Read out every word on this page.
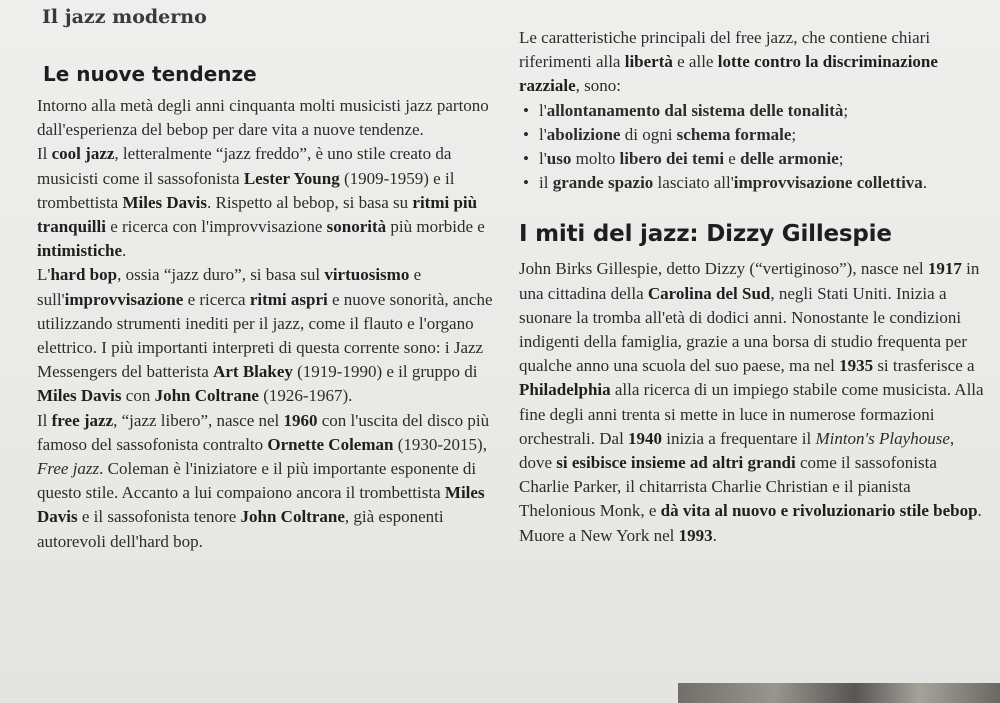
Il jazz moderno
Le nuove tendenze

Intorno alla metà degli anni cinquanta molti musicisti jazz partono dall'esperienza del bebop per dare vita a nuove tendenze.

Il cool jazz, letteralmente “jazz freddo”, è uno stile creato da musicisti come il sassofonista Lester Young (1909-1959) e il trombettista Miles Davis. Rispetto al bebop, si basa su ritmi più tranquilli e ricerca con l'improvvisazione sonorità più morbide e intimistiche.

L'hard bop, ossia “jazz duro”, si basa sul virtuosismo e sull'improvvisazione e ricerca ritmi aspri e nuove sonorità, anche utilizzando strumenti inediti per il jazz, come il flauto e l'organo elettrico. I più importanti interpreti di questa corrente sono: i Jazz Messengers del batterista Art Blakey (1919-1990) e il gruppo di Miles Davis con John Coltrane (1926-1967).

Il free jazz, “jazz libero”, nasce nel 1960 con l'uscita del disco più famoso del sassofonista contralto Ornette Coleman (1930-2015), Free jazz. Coleman è l'iniziatore e il più importante esponente di questo stile. Accanto a lui compaiono ancora il trombettista Miles Davis e il sassofonista tenore John Coltrane, già esponenti autorevoli dell'hard bop.

Le caratteristiche principali del free jazz, che contiene chiari riferimenti alla libertà e alle lotte contro la discriminazione razziale, sono:

• l'allontanamento dal sistema delle tonalità;
• l'abolizione di ogni schema formale;
• l'uso molto libero dei temi e delle armonie;
• il grande spazio lasciato all'improvvisazione collettiva.
I miti del jazz: Dizzy Gillespie

John Birks Gillespie, detto Dizzy (“vertiginoso”), nasce nel 1917 in una cittadina della Carolina del Sud, negli Stati Uniti. Inizia a suonare la tromba all'età di dodici anni. Nonostante le condizioni indigenti della famiglia, grazie a una borsa di studio frequenta per qualche anno una scuola del suo paese, ma nel 1935 si trasferisce a Philadelphia alla ricerca di un impiego stabile come musicista. Alla fine degli anni trenta si mette in luce in numerose formazioni orchestrali. Dal 1940 inizia a frequentare il Minton's Playhouse, dove si esibisce insieme ad altri grandi come il sassofonista Charlie Parker, il chitarrista Charlie Christian e il pianista Thelonious Monk, e dà vita al nuovo e rivoluzionario stile bebop. Muore a New York nel 1993.
